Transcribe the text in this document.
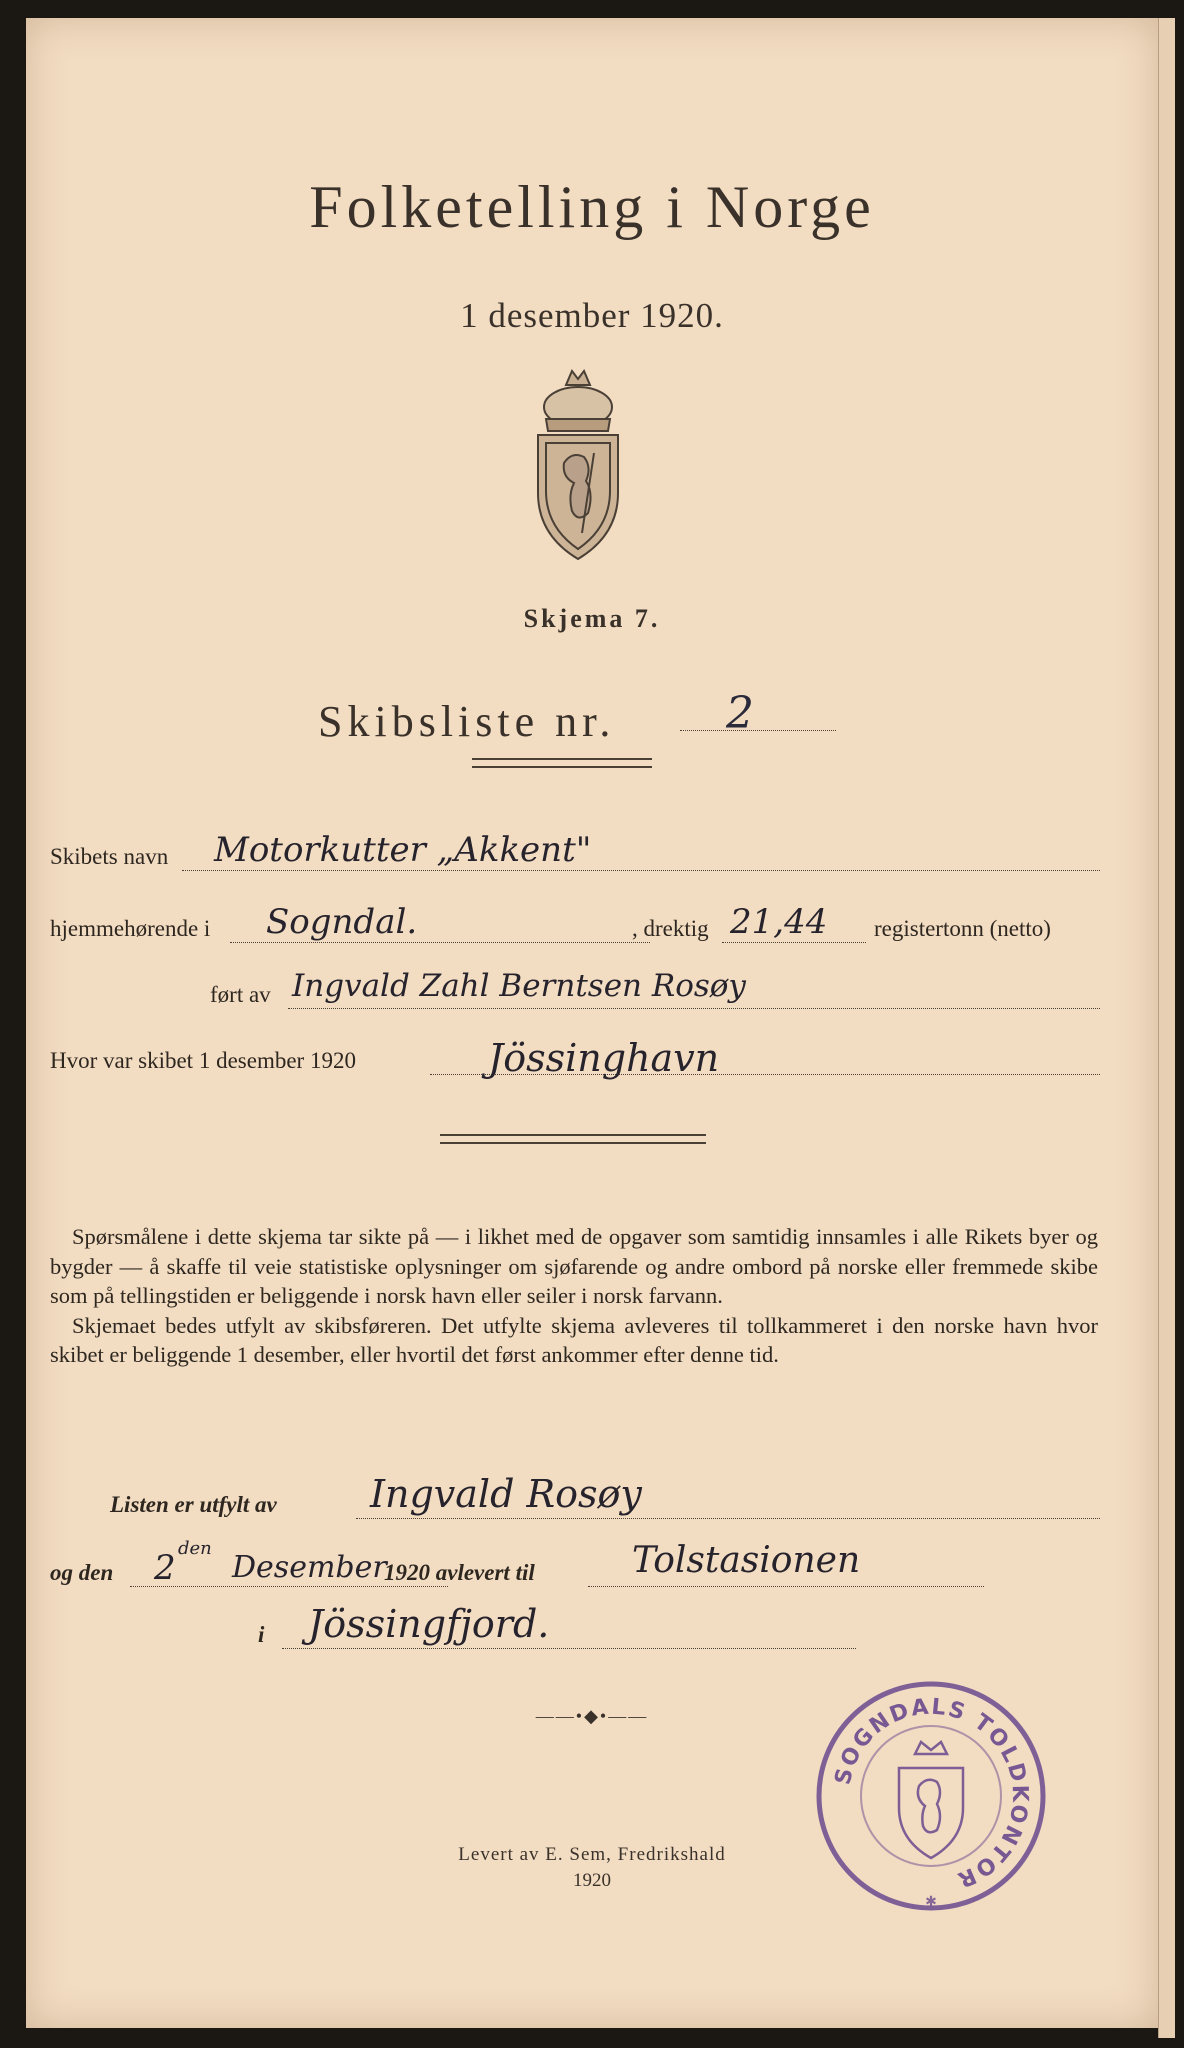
Folketelling i Norge
1 desember 1920.
Skjema 7.
Skibsliste nr.	2
Skibets navn Motorkutter „Akkent"
hjemmehørende i Sogndal.	, drektig 21,44 registertonn (netto)
ført av Ingvald Zahl Berntsen Rosøy
Hvor var skibet 1 desember 1920	Jössinghavn

Spørsmålene i dette skjema tar sikte på — i likhet med de opgaver som samtidig innsamles i alle Rikets byer og bygder — å skaffe til veie statistiske oplysninger om sjøfarende og andre ombord på norske eller fremmede skibe som på tellingstiden er beliggende i norsk havn eller seiler i norsk farvann.

Skjemaet bedes utfylt av skibsføreren. Det utfylte skjema avleveres til tollkammeret i den norske havn hvor skibet er beliggende 1 desember, eller hvortil det først ankommer efter denne tid.

Listen er utfylt av Ingvald Rosøy
og den 2 den
Desember
1920 avlevert til	Tolstasionen
i Jössingfjord.
——•◆•——
Levert av E. Sem, Fredrikshald
1920
SOGNDALS TOLDKONTOR
✱
